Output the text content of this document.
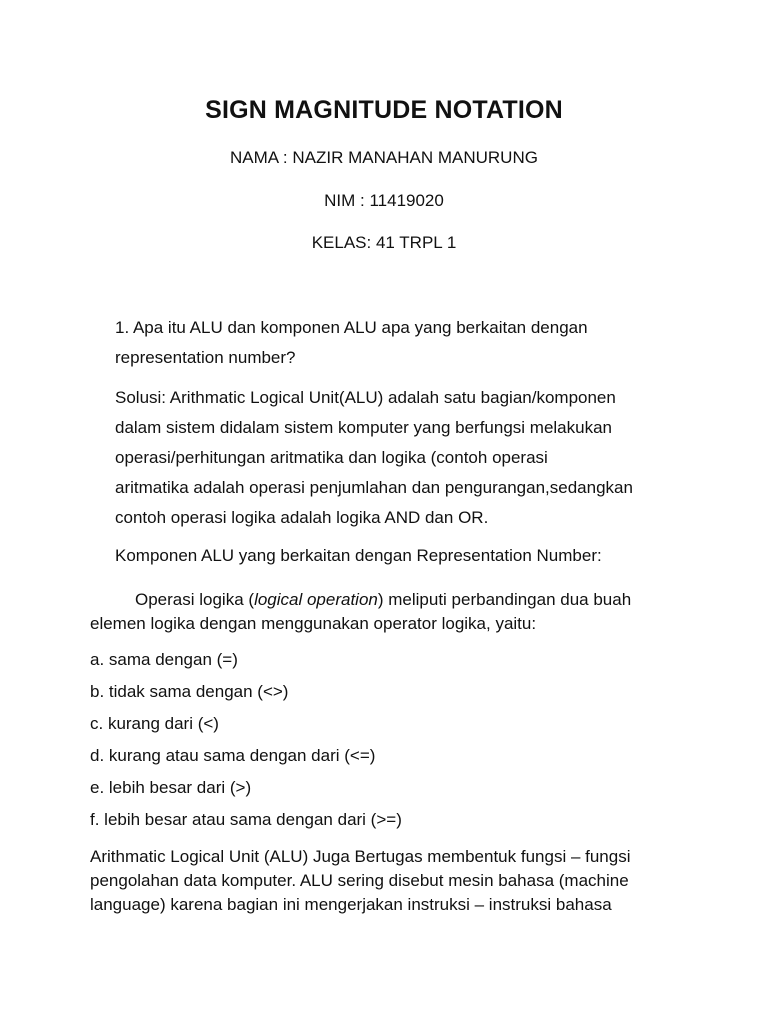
SIGN MAGNITUDE NOTATION
NAMA : NAZIR MANAHAN MANURUNG
NIM : 11419020
KELAS: 41 TRPL 1

1. Apa itu ALU dan komponen ALU apa yang berkaitan dengan

representation number?

Solusi: Arithmatic Logical Unit(ALU) adalah satu bagian/komponen

dalam sistem didalam sistem komputer yang berfungsi melakukan

operasi/perhitungan aritmatika dan logika (contoh operasi

aritmatika adalah operasi penjumlahan dan pengurangan,sedangkan

contoh operasi logika adalah logika AND dan OR.

Komponen ALU yang berkaitan dengan Representation Number:

Operasi logika (logical operation) meliputi perbandingan dua buah

elemen logika dengan menggunakan operator logika, yaitu:

a. sama dengan (=)

b. tidak sama dengan (<>)

c. kurang dari (<)

d. kurang atau sama dengan dari (<=)

e. lebih besar dari (>)

f. lebih besar atau sama dengan dari (>=)

Arithmatic Logical Unit (ALU) Juga Bertugas membentuk fungsi – fungsi

pengolahan data komputer. ALU sering disebut mesin bahasa (machine

language) karena bagian ini mengerjakan instruksi – instruksi bahasa
